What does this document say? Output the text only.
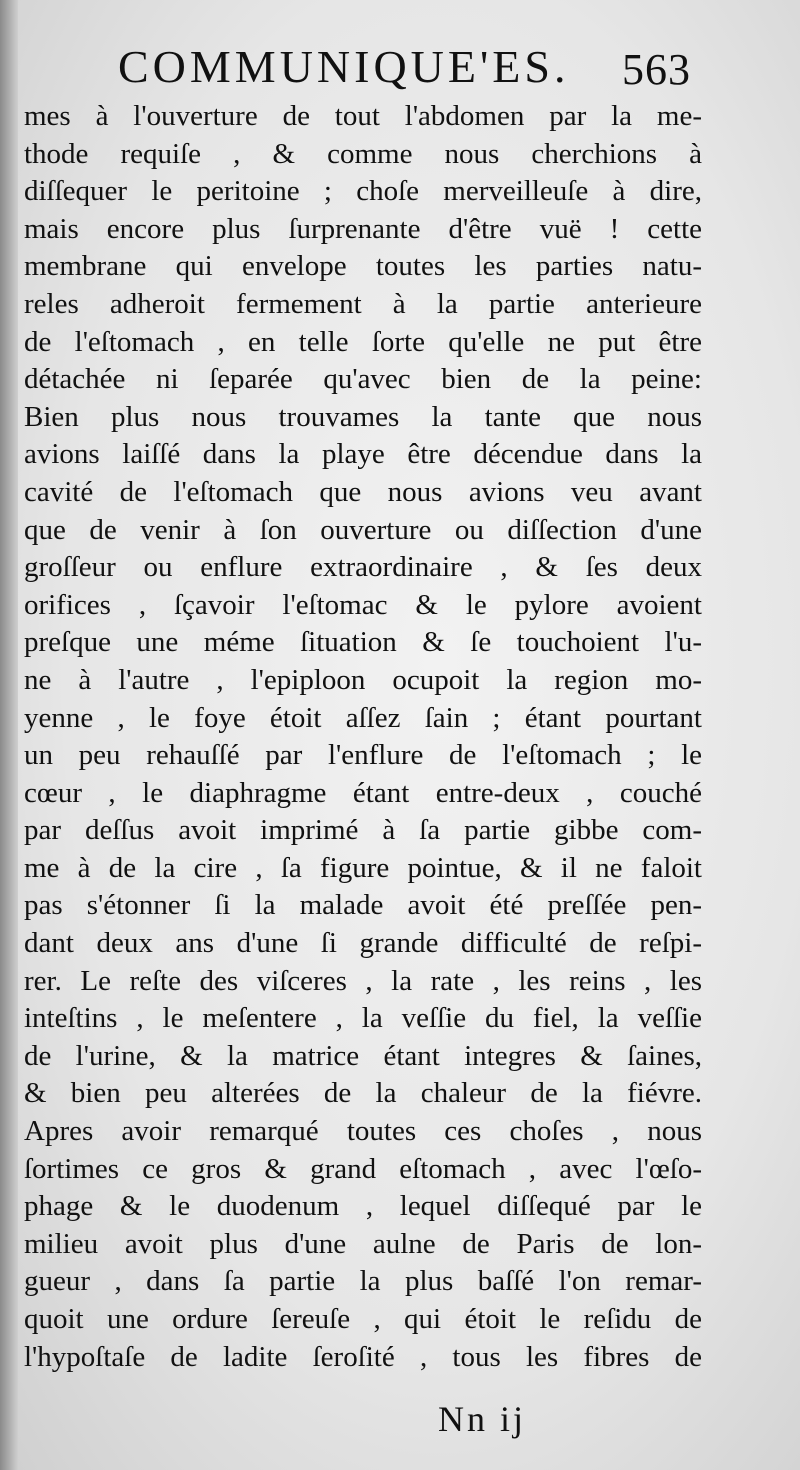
COMMUNIQUE'ES. 563
mes à l'ouverture de tout l'abdomen par la me-
thode requiſe , & comme nous cherchions à
diſſequer le peritoine ; choſe merveilleuſe à dire,
mais encore plus ſurprenante d'être vuë ! cette
membrane qui envelope toutes les parties natu-
reles adheroit fermement à la partie anterieure
de l'eſtomach , en telle ſorte qu'elle ne put être
détachée ni ſeparée qu'avec bien de la peine:
Bien plus nous trouvames la tante que nous
avions laiſſé dans la playe être décendue dans la
cavité de l'eſtomach que nous avions veu avant
que de venir à ſon ouverture ou diſſection d'une
groſſeur ou enflure extraordinaire , & ſes deux
orifices , ſçavoir l'eſtomac & le pylore avoient
preſque une méme ſituation & ſe touchoient l'u-
ne à l'autre , l'epiploon ocupoit la region mo-
yenne , le foye étoit aſſez ſain ; étant pourtant
un peu rehauſſé par l'enflure de l'eſtomach ; le
cœur , le diaphragme étant entre-deux , couché
par deſſus avoit imprimé à ſa partie gibbe com-
me à de la cire , ſa figure pointue, & il ne faloit
pas s'étonner ſi la malade avoit été preſſée pen-
dant deux ans d'une ſi grande difficulté de reſpi-
rer. Le reſte des viſceres , la rate , les reins , les
inteſtins , le meſentere , la veſſie du fiel, la veſſie
de l'urine, & la matrice étant integres & ſaines,
& bien peu alterées de la chaleur de la fiévre.
Apres avoir remarqué toutes ces choſes , nous
ſortimes ce gros & grand eſtomach , avec l'œſo-
phage & le duodenum , lequel diſſequé par le
milieu avoit plus d'une aulne de Paris de lon-
gueur , dans ſa partie la plus baſſé l'on remar-
quoit une ordure ſereuſe , qui étoit le reſidu de
l'hypoſtaſe de ladite ſeroſité , tous les fibres de
Nn ij
